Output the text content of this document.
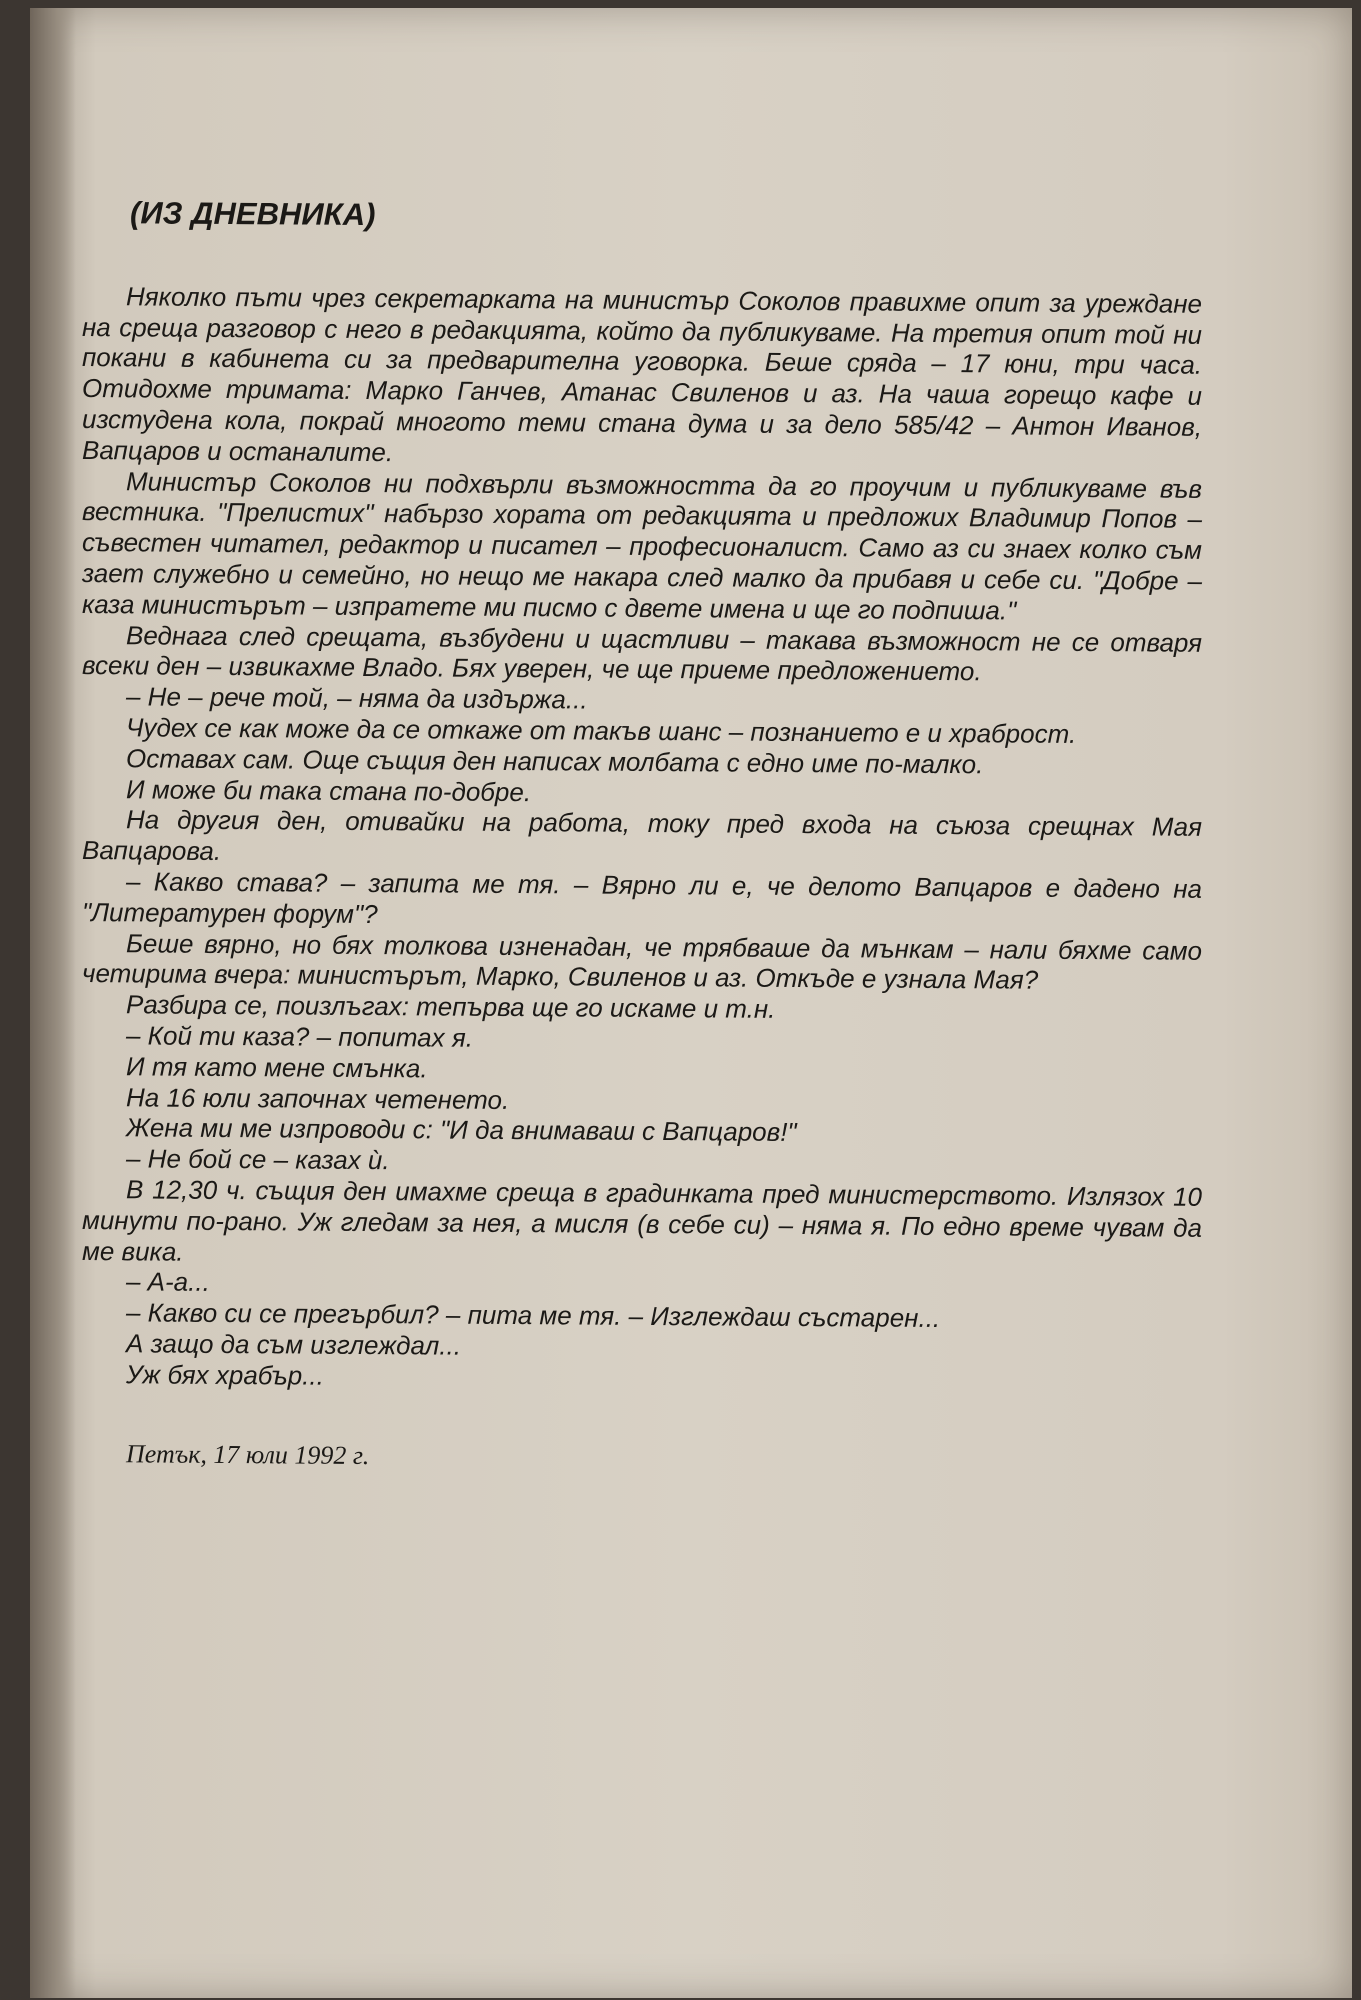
(ИЗ ДНЕВНИКА)

Няколко пъти чрез секретарката на министър Соколов правихме опит за уреждане на среща разговор с него в редакцията, който да публикуваме. На третия опит той ни покани в кабинета си за предварителна уговорка. Беше сряда – 17 юни, три часа. Отидохме тримата: Марко Ганчев, Атанас Свиленов и аз. На чаша горещо кафе и изстудена кола, покрай многото теми стана дума и за дело 585/42 – Антон Иванов, Вапцаров и останалите.

Министър Соколов ни подхвърли възможността да го проучим и публикуваме във вестника. "Прелистих" набързо хората от редакцията и предложих Владимир Попов – съвестен читател, редактор и писател – професионалист. Само аз си знаех колко съм зает служебно и семейно, но нещо ме накара след малко да прибавя и себе си. "Добре – каза министърът – изпратете ми писмо с двете имена и ще го подпиша."

Веднага след срещата, възбудени и щастливи – такава възможност не се отваря всеки ден – извикахме Владо. Бях уверен, че ще приеме предложението.

– Не – рече той, – няма да издържа...

Чудех се как може да се откаже от такъв шанс – познанието е и храброст.

Оставах сам. Още същия ден написах молбата с едно име по-малко.

И може би така стана по-добре.

На другия ден, отивайки на работа, току пред входа на съюза срещнах Мая Вапцарова.

– Какво става? – запита ме тя. – Вярно ли е, че делото Вапцаров е дадено на "Литературен форум"?

Беше вярно, но бях толкова изненадан, че трябваше да мънкам – нали бяхме само четирима вчера: министърът, Марко, Свиленов и аз. Откъде е узнала Мая?

Разбира се, поизлъгах: тепърва ще го искаме и т.н.

– Кой ти каза? – попитах я.

И тя като мене смънка.

На 16 юли започнах четенето.

Жена ми ме изпроводи с: "И да внимаваш с Вапцаров!"

– Не бой се – казах ѝ.

В 12,30 ч. същия ден имахме среща в градинката пред министерството. Излязох 10 минути по-рано. Уж гледам за нея, а мисля (в себе си) – няма я. По едно време чувам да ме вика.

– А-а...

– Какво си се прегърбил? – пита ме тя. – Изглеждаш състарен...

А защо да съм изглеждал...

Уж бях храбър...

Петък, 17 юли 1992 г.
